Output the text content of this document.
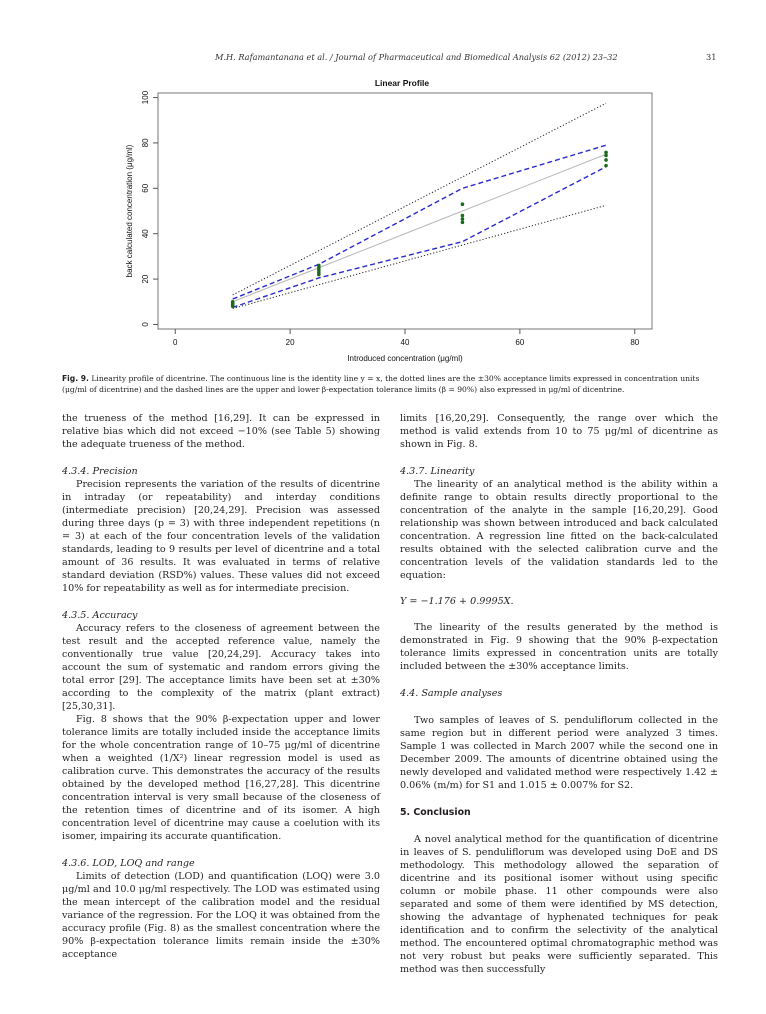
M.H. Rafamantanana et al. / Journal of Pharmaceutical and Biomedical Analysis 62 (2012) 23–32	31
Linear Profile
Introduced concentration (μg/ml)
back calculated concentration (μg/ml)
0	20	40	60	80
0
20
40
60
80
100
Fig. 9. Linearity profile of dicentrine. The continuous line is the identity line y = x, the dotted lines are the ±30% acceptance limits expressed in concentration units (μg/ml of dicentrine) and the dashed lines are the upper and lower β-expectation tolerance limits (β = 90%) also expressed in μg/ml of dicentrine.

the trueness of the method [16,29]. It can be expressed in relative bias which did not exceed −10% (see Table 5) showing the adequate trueness of the method.

4.3.4. Precision

Precision represents the variation of the results of dicentrine in intraday (or repeatability) and interday conditions (intermediate precision) [20,24,29]. Precision was assessed during three days (p = 3) with three independent repetitions (n = 3) at each of the four concentration levels of the validation standards, leading to 9 results per level of dicentrine and a total amount of 36 results. It was evaluated in terms of relative standard deviation (RSD%) values. These values did not exceed 10% for repeatability as well as for intermediate precision.

4.3.5. Accuracy

Accuracy refers to the closeness of agreement between the test result and the accepted reference value, namely the conventionally true value [20,24,29]. Accuracy takes into account the sum of systematic and random errors giving the total error [29]. The acceptance limits have been set at ±30% according to the complexity of the matrix (plant extract) [25,30,31].

Fig. 8 shows that the 90% β-expectation upper and lower tolerance limits are totally included inside the acceptance limits for the whole concentration range of 10–75 μg/ml of dicentrine when a weighted (1/X²) linear regression model is used as calibration curve. This demonstrates the accuracy of the results obtained by the developed method [16,27,28]. This dicentrine concentration interval is very small because of the closeness of the retention times of dicentrine and of its isomer. A high concentration level of dicentrine may cause a coelution with its isomer, impairing its accurate quantification.

4.3.6. LOD, LOQ and range

Limits of detection (LOD) and quantification (LOQ) were 3.0 μg/ml and 10.0 μg/ml respectively. The LOD was estimated using the mean intercept of the calibration model and the residual variance of the regression. For the LOQ it was obtained from the accuracy profile (Fig. 8) as the smallest concentration where the 90% β-expectation tolerance limits remain inside the ±30% acceptance

limits [16,20,29]. Consequently, the range over which the method is valid extends from 10 to 75 μg/ml of dicentrine as shown in Fig. 8.

4.3.7. Linearity

The linearity of an analytical method is the ability within a definite range to obtain results directly proportional to the concentration of the analyte in the sample [16,20,29]. Good relationship was shown between introduced and back calculated concentration. A regression line fitted on the back-calculated results obtained with the selected calibration curve and the concentration levels of the validation standards led to the equation:

Y = −1.176 + 0.9995X.

The linearity of the results generated by the method is demonstrated in Fig. 9 showing that the 90% β-expectation tolerance limits expressed in concentration units are totally included between the ±30% acceptance limits.

4.4. Sample analyses

Two samples of leaves of S. penduliflorum collected in the same region but in different period were analyzed 3 times. Sample 1 was collected in March 2007 while the second one in December 2009. The amounts of dicentrine obtained using the newly developed and validated method were respectively 1.42 ± 0.06% (m/m) for S1 and 1.015 ± 0.007% for S2.

5. Conclusion

A novel analytical method for the quantification of dicentrine in leaves of S. penduliflorum was developed using DoE and DS methodology. This methodology allowed the separation of dicentrine and its positional isomer without using specific column or mobile phase. 11 other compounds were also separated and some of them were identified by MS detection, showing the advantage of hyphenated techniques for peak identification and to confirm the selectivity of the analytical method. The encountered optimal chromatographic method was not very robust but peaks were sufficiently separated. This method was then successfully
